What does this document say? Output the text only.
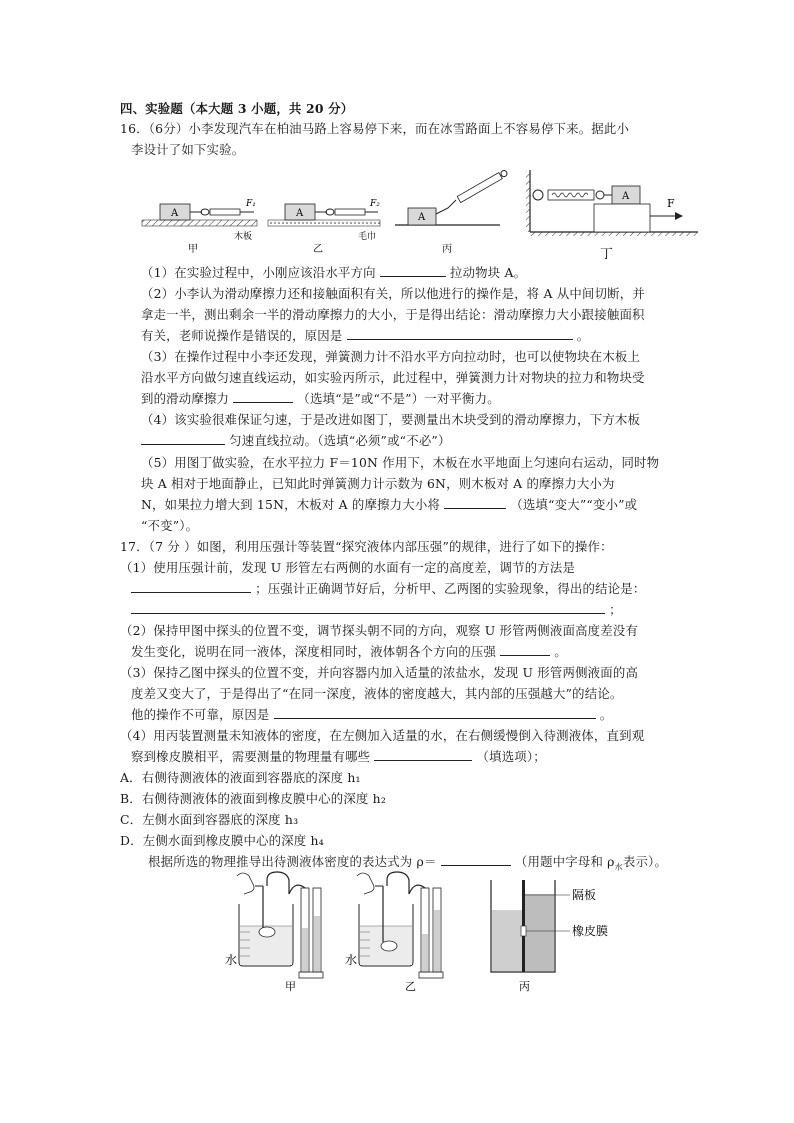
四、实验题（本大题 3 小题，共 20 分）
16．（6分）小李发现汽车在柏油马路上容易停下来，而在冰雪路面上不容易停下来。据此小
李设计了如下实验。
A
F₁
木板
甲
A
F₂
毛巾
乙
A
丙
A
F
丁
（1）在实验过程中，小刚应该沿水平方向	拉动物块 A。
（2）小李认为滑动摩擦力还和接触面积有关，所以他进行的操作是，将 A 从中间切断，并
拿走一半，测出剩余一半的滑动摩擦力的大小，于是得出结论：滑动摩擦力大小跟接触面积
有关，老师说操作是错误的，原因是	。
（3）在操作过程中小李还发现，弹簧测力计不沿水平方向拉动时，也可以使物块在木板上
沿水平方向做匀速直线运动，如实验丙所示，此过程中，弹簧测力计对物块的拉力和物块受
到的滑动摩擦力	（选填“是”或“不是”）一对平衡力。
（4）该实验很难保证匀速，于是改进如图丁，要测量出木块受到的滑动摩擦力，下方木板
匀速直线拉动。（选填“必须”或“不必”）
（5）用图丁做实验，在水平拉力 F＝10N 作用下，木板在水平地面上匀速向右运动，同时物
块 A 相对于地面静止，已知此时弹簧测力计示数为 6N，则木板对 A 的摩擦力大小为
N，如果拉力增大到 15N，木板对 A 的摩擦力大小将	（选填“变大”“变小”或
“不变”）。
17．（7 分 ）如图，利用压强计等装置“探究液体内部压强”的规律，进行了如下的操作：
（1）使用压强计前，发现 U 形管左右两侧的水面有一定的高度差，调节的方法是
；压强计正确调节好后，分析甲、乙两图的实验现象，得出的结论是：
；
（2）保持甲图中探头的位置不变，调节探头朝不同的方向，观察 U 形管两侧液面高度差没有
发生变化，说明在同一液体，深度相同时，液体朝各个方向的压强	。
（3）保持乙图中探头的位置不变，并向容器内加入适量的浓盐水，发现 U 形管两侧液面的高
度差又变大了，于是得出了“在同一深度，液体的密度越大，其内部的压强越大”的结论。
他的操作不可靠，原因是	。
（4）用丙装置测量未知液体的密度，在左侧加入适量的水，在右侧缓慢倒入待测液体，直到观
察到橡皮膜相平，需要测量的物理量有哪些	（填选项）；
A．右侧待测液体的液面到容器底的深度 h₁
B．右侧待测液体的液面到橡皮膜中心的深度 h₂
C．左侧水面到容器底的深度 h₃
D．左侧水面到橡皮膜中心的深度 h₄
根据所选的物理推导出待测液体密度的表达式为 ρ＝	（用题中字母和 $\rho_水$表示）。
水
甲
水
乙
隔板
橡皮膜
丙
